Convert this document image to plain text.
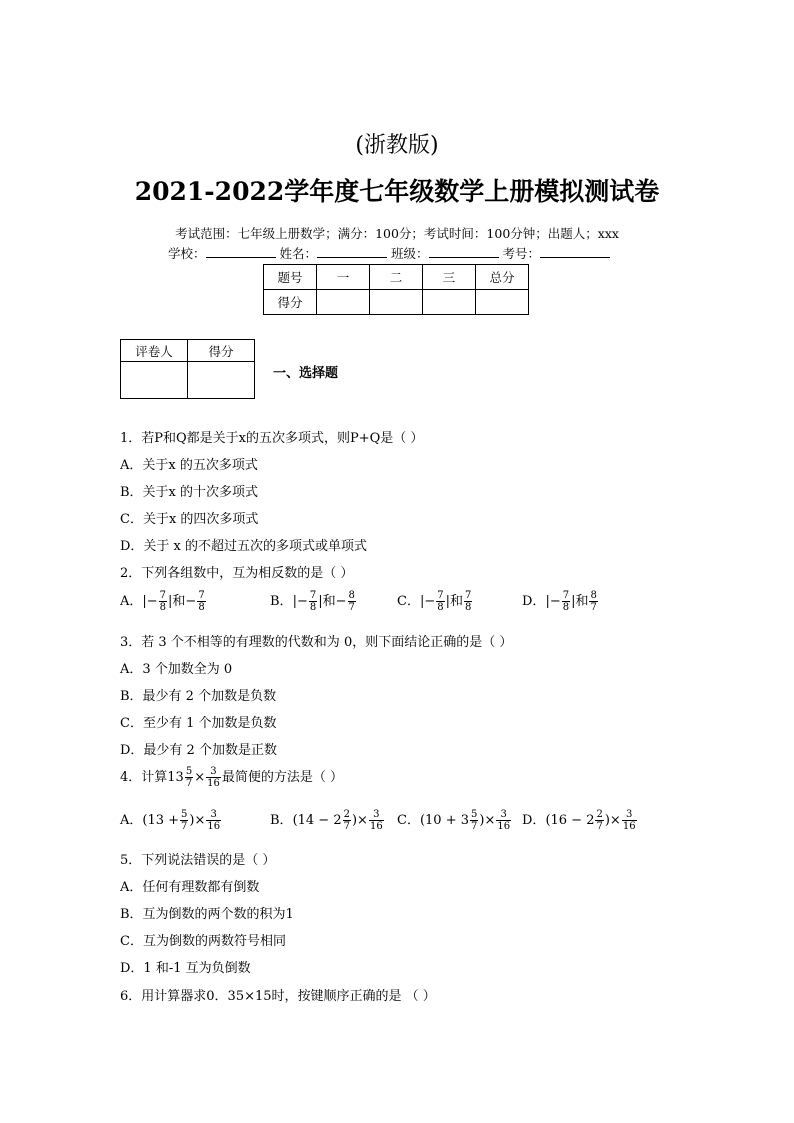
(浙教版)
2021-2022学年度七年级数学上册模拟测试卷
考试范围：七年级上册数学；满分：100分；考试时间：100分钟；出题人；xxx
学校：	姓名：	班级：	考号：
题号	一	二	三	总分
得分				
评卷人	得分

一、选择题
1．若P和Q都是关于x的五次多项式，则P+Q是（ ）
A．关于x 的五次多项式
B．关于x 的十次多项式
C．关于x 的四次多项式
D．关于 x 的不超过五次的多项式或单项式
2．下列各组数中，互为相反数的是（ ）
A．|− $\frac{7}{8}$ |和− $\frac{7}{8}$	B．|− $\frac{7}{8}$ |和− $\frac{8}{7}$	C．|− $\frac{7}{8}$ |和 $\frac{7}{8}$	D．|− $\frac{7}{8}$ |和 $\frac{8}{7}$
3．若 3 个不相等的有理数的代数和为 0，则下面结论正确的是（ ）
A．3 个加数全为 0
B．最少有 2 个加数是负数
C．至少有 1 个加数是负数
D．最少有 2 个加数是正数
4．计算$13 \frac{5}{7} \times \frac{3}{16}$ 最简便的方法是（ ）
A．($13 + \frac{5}{7}$ )× $\frac{3}{16}$	B．($14 - 2 \frac{2}{7}$ )× $\frac{3}{16}$ C．($10 + 3 \frac{5}{7}$ )× $\frac{3}{16}$ D．($16 - 2 \frac{2}{7}$ )× $\frac{3}{16}$
5．下列说法错误的是（ ）
A．任何有理数都有倒数
B．互为倒数的两个数的积为1
C．互为倒数的两数符号相同
D．1 和-1 互为负倒数
6．用计算器求0．35×15时，按键顺序正确的是 （ ）
